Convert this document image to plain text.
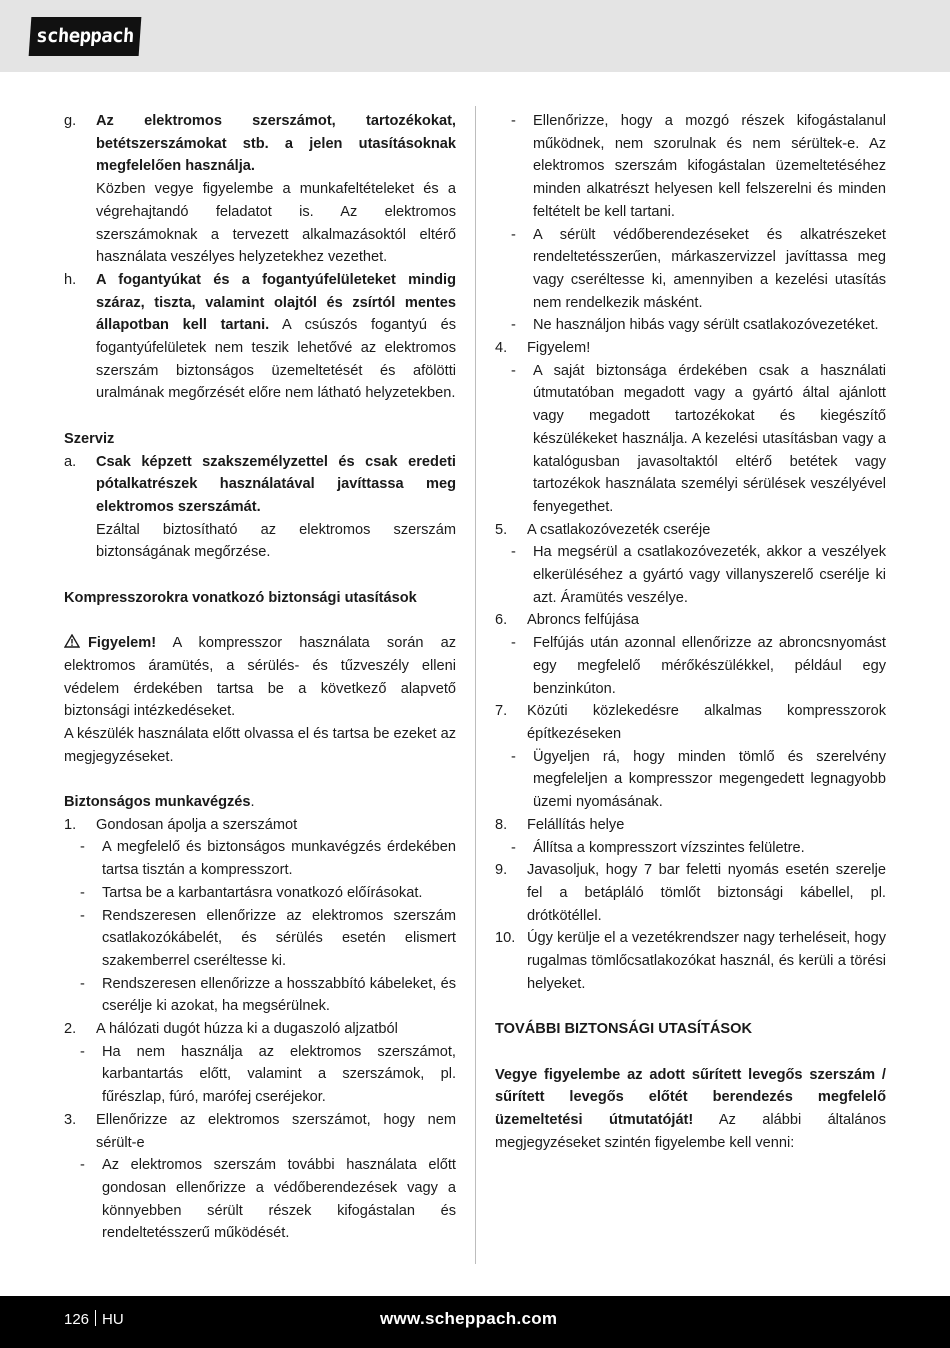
scheppach
g.	Az elektromos szerszámot, tartozékokat, betétszerszámokat stb. a jelen utasításoknak megfelelően használja.
Közben vegye figyelembe a munkafeltételeket és a végrehajtandó feladatot is. Az elektromos szerszámoknak a tervezett alkalmazásoktól eltérő használata veszélyes helyzetekhez vezethet.
h.	A fogantyúkat és a fogantyúfelületeket mindig száraz, tiszta, valamint olajtól és zsírtól mentes állapotban kell tartani. A csúszós fogantyú és fogantyúfelületek nem teszik lehetővé az elektromos szerszám biztonságos üzemeltetését és afölötti uralmának megőrzését előre nem látható helyzetekben.
Szerviz
a.	Csak képzett szakszemélyzettel és csak eredeti pótalkatrészek használatával javíttassa meg elektromos szerszámát.
Ezáltal biztosítható az elektromos szerszám biztonságának megőrzése.
Kompresszorokra vonatkozó biztonsági utasítások
Figyelem! A kompresszor használata során az elektromos áramütés, a sérülés- és tűzveszély elleni védelem érdekében tartsa be a következő alapvető biztonsági intézkedéseket.
A készülék használata előtt olvassa el és tartsa be ezeket az megjegyzéseket.
Biztonságos munkavégzés.
1.	Gondosan ápolja a szerszámot
-	A megfelelő és biztonságos munkavégzés érdekében tartsa tisztán a kompresszort.
-	Tartsa be a karbantartásra vonatkozó előírásokat.
-	Rendszeresen ellenőrizze az elektromos szerszám csatlakozókábelét, és sérülés esetén elismert szakemberrel cseréltesse ki.
-	Rendszeresen ellenőrizze a hosszabbító kábeleket, és cserélje ki azokat, ha megsérülnek.
2.	A hálózati dugót húzza ki a dugaszoló aljzatból
-	Ha nem használja az elektromos szerszámot, karbantartás előtt, valamint a szerszámok, pl. fűrészlap, fúró, marófej cseréjekor.
3.	Ellenőrizze az elektromos szerszámot, hogy nem sérült-e
-	Az elektromos szerszám további használata előtt gondosan ellenőrizze a védőberendezések vagy a könnyebben sérült részek kifogástalan és rendeltetésszerű működését.
-	Ellenőrizze, hogy a mozgó részek kifogástalanul működnek, nem szorulnak és nem sérültek-e. Az elektromos szerszám kifogástalan üzemeltetéséhez minden alkatrészt helyesen kell felszerelni és minden feltételt be kell tartani.
-	A sérült védőberendezéseket és alkatrészeket rendeltetésszerűen, márkaszervizzel javíttassa meg vagy cseréltesse ki, amennyiben a kezelési utasítás nem rendelkezik másként.
-	Ne használjon hibás vagy sérült csatlakozóvezetéket.
4.	Figyelem!
-	A saját biztonsága érdekében csak a használati útmutatóban megadott vagy a gyártó által ajánlott vagy megadott tartozékokat és kiegészítő készülékeket használja. A kezelési utasításban vagy a katalógusban javasoltaktól eltérő betétek vagy tartozékok használata személyi sérülések veszélyével fenyegethet.
5.	A csatlakozóvezeték cseréje
-	Ha megsérül a csatlakozóvezeték, akkor a veszélyek elkerüléséhez a gyártó vagy villanyszerelő cserélje ki azt. Áramütés veszélye.
6.	Abroncs felfújása
-	Felfújás után azonnal ellenőrizze az abroncsnyomást egy megfelelő mérőkészülékkel, például egy benzinkúton.
7.	Közúti közlekedésre alkalmas kompresszorok építkezéseken
-	Ügyeljen rá, hogy minden tömlő és szerelvény megfeleljen a kompresszor megengedett legnagyobb üzemi nyomásának.
8.	Felállítás helye
-	Állítsa a kompresszort vízszintes felületre.
9.	Javasoljuk, hogy 7 bar feletti nyomás esetén szerelje fel a betápláló tömlőt biztonsági kábellel, pl. drótkötéllel.
10. Úgy kerülje el a vezetékrendszer nagy terheléseit, hogy rugalmas tömlőcsatlakozókat használ, és kerüli a törési helyeket.
TOVÁBBI BIZTONSÁGI UTASÍTÁSOK
Vegye figyelembe az adott sűrített levegős szerszám / sűrített levegős előtét berendezés megfelelő üzemeltetési útmutatóját! Az alábbi általános megjegyzéseket szintén figyelembe kell venni:
126 HU	www.scheppach.com
